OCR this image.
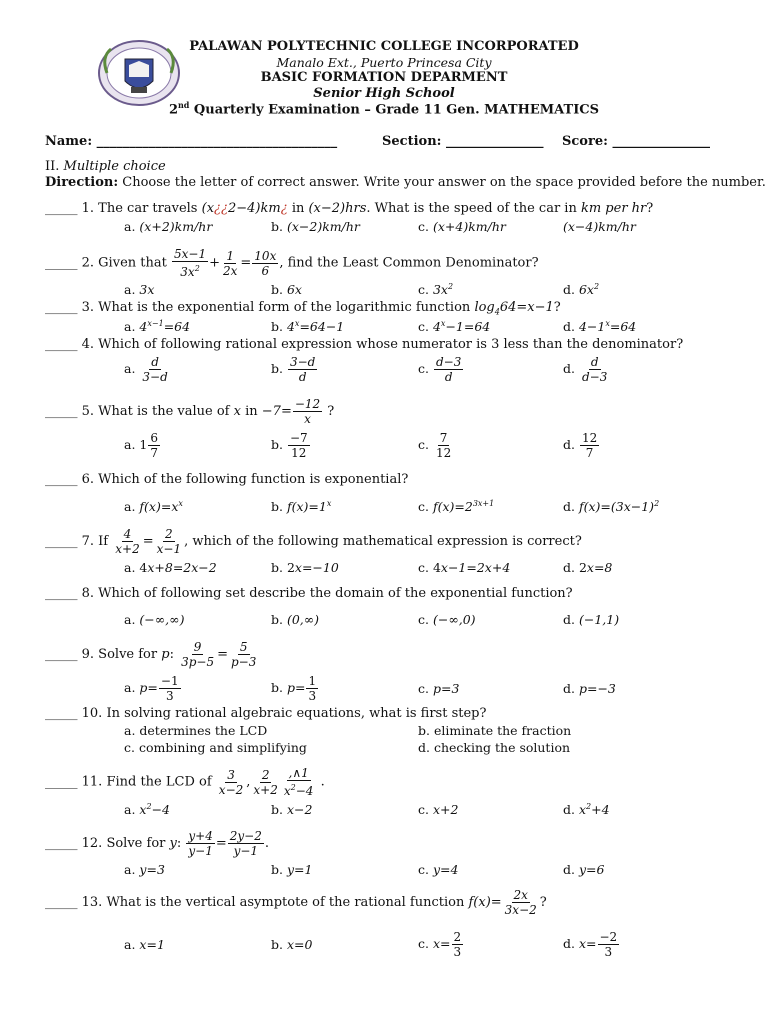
PALAWAN POLYTECHNIC COLLEGE INCORPORATED
Manalo Ext., Puerto Princesa City
BASIC FORMATION DEPARMENT
Senior High School
2nd Quarterly Examination – Grade 11 Gen. MATHEMATICS
Name: _____________________________________	Section: _______________ Score: _______________
II. Multiple choice
Direction: Choose the letter of correct answer. Write your answer on the space provided before the number.
_____ 1. The car travels (x¿¿2−4)km¿ in (x−2)hrs. What is the speed of the car in km per hr?
a. (x+2)km/hr	b. (x−2)km/hr	c. (x+4)km/hr	(x−4)km/hr
_____ 2. Given that $\frac{5x-1}{3x^2} + \frac{1}{2x} = \frac{10x}{6}$ , find the Least Common Denominator?
a. 3x	b. 6x	c. $3x^2$	d. $6x^2$
_____ 3. What is the exponential form of the logarithmic function $\log_464=x-1$?
a. $4^{x-1}=64$	b. $4^x=64-1$	c. $4^x-1=64$	d. $4-1^x=64$
_____ 4. Which of following rational expression whose numerator is 3 less than the denominator?
a. $\frac{d}{3-d}$	b. $\frac{3-d}{d}$	c. $\frac{d-3}{d}$	d. $\frac{d}{d-3}$
_____ 5. What is the value of x in $-7= \frac{-12}{x}$ ?
a. $1 \frac{6}{7}$	b. $\frac{-7}{12}$	c. $\frac{7}{12}$	d. $\frac{12}{7}$
_____ 6. Which of the following function is exponential?
a. $f(x)=x^x$	b. $f(x)=1^x$	c. $f(x)=2^{3x+1}$	d. $f(x)=(3x-1)^2$
_____ 7. If $\frac{4}{x+2} = \frac{2}{x-1}$ , which of the following mathematical expression is correct?
a. 4x+8=2x−2	b. 2x=−10	c. 4x−1=2x+4	d. 2x=8
_____ 8. Which of following set describe the domain of the exponential function?
a. (−∞,∞)	b. (0,∞)	c. (−∞,0)	d. (−1,1)
_____ 9. Solve for p: $\frac{9}{3p-5} = \frac{5}{p-3}$
a. $p= \frac{-1}{3}$	b. $p= \frac{1}{3}$	c. p=3	d. p=−3
_____ 10. In solving rational algebraic equations, what is first step?
a. determines the LCD	b. eliminate the fraction
c. combining and simplifying	d. checking the solution
_____ 11. Find the LCD of $\frac{3}{x-2}$ , $\frac{2}{x+2} \frac{,\wedge 1}{x^2-4}$ .
a. $x^2-4$	b. x−2	c. x+2	d. $x^2+4$
_____ 12. Solve for y: $\frac{y+4}{y-1} = \frac{2y-2}{y-1}$ .
a. y=3	b. y=1	c. y=4	d. y=6
_____ 13. What is the vertical asymptote of the rational function $f(x)= \frac{2x}{3x-2}$ ?
a. x=1	b. x=0	c. $x= \frac{2}{3}$	d. $x= \frac{-2}{3}$
